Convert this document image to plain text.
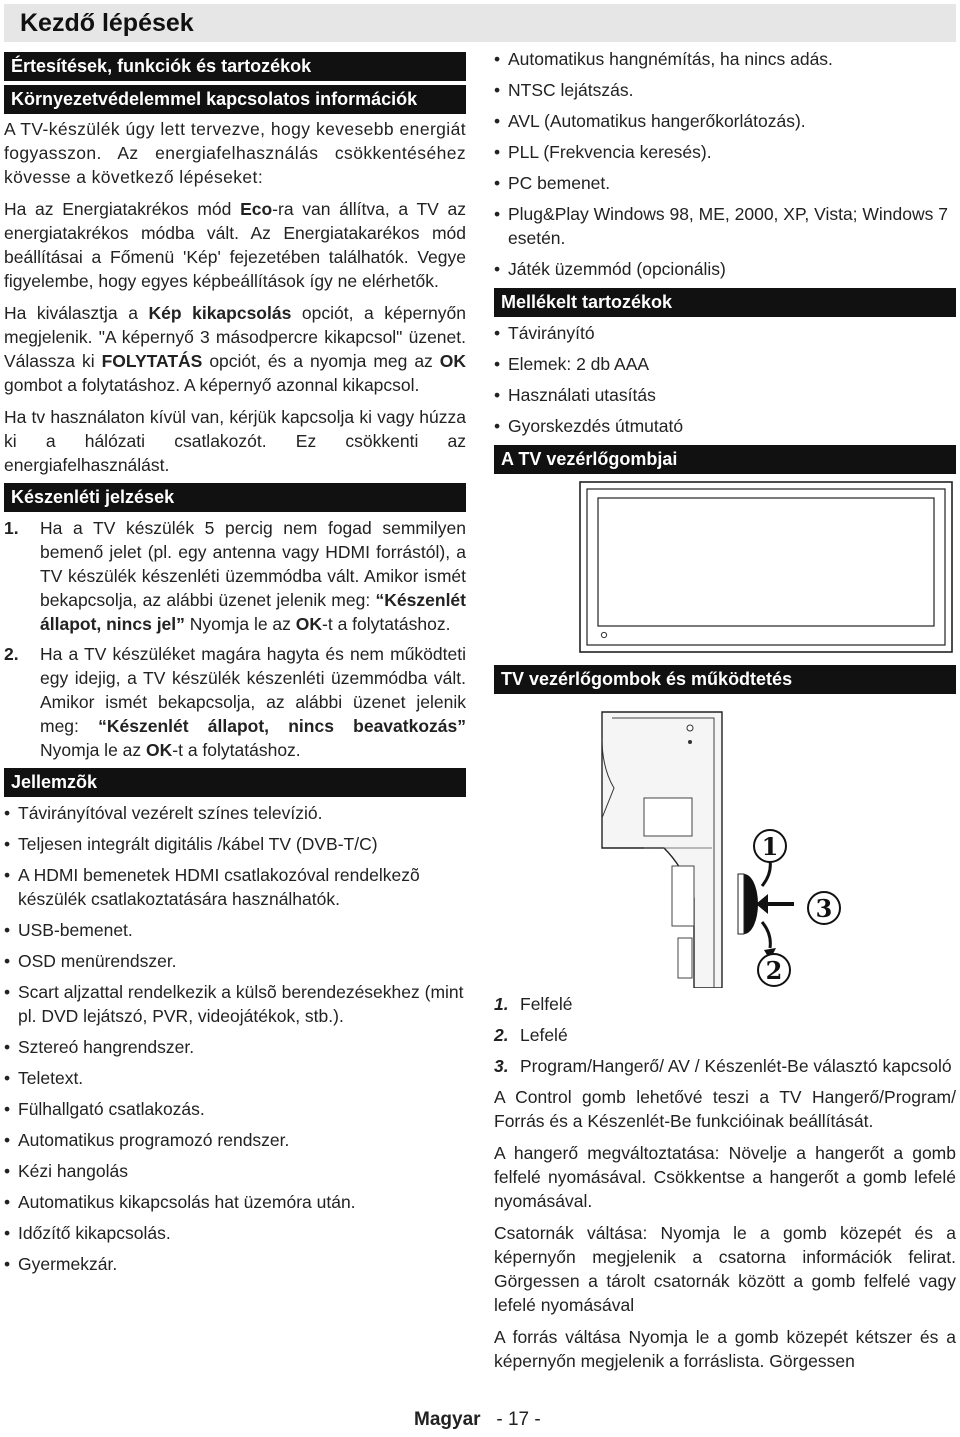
Kezdő lépések
Értesítések, funkciók és tartozékok
Környezetvédelemmel kapcsolatos információk

A TV-készülék úgy lett tervezve, hogy kevesebb energiát fogyasszon. Az energiafelhasználás csökkentéséhez kövesse a következő lépéseket:

Ha az Energiatakrékos mód Eco-ra van állítva, a TV az energiatakrékos módba vált. Az Energiatakarékos mód beállításai a Főmenü 'Kép' fejezetében találhatók. Vegye figyelembe, hogy egyes képbeállítások így ne elérhetők.

Ha kiválasztja a Kép kikapcsolás opciót, a képernyőn megjelenik. "A képernyő 3 másodpercre kikapcsol" üzenet. Válassza ki FOLYTATÁS opciót, és a nyomja meg az OK gombot a folytatáshoz. A képernyő azonnal kikapcsol.

Ha tv használaton kívül van, kérjük kapcsolja ki vagy húzza ki a hálózati csatlakozót. Ez csökkenti az energiafelhasználást.

Készenléti jelzések
1. Ha a TV készülék 5 percig nem fogad semmilyen bemenő jelet (pl. egy antenna vagy HDMI forrástól), a TV készülék készenléti üzemmódba vált. Amikor ismét bekapcsolja, az alábbi üzenet jelenik meg: “Készenlét állapot, nincs jel” Nyomja le az OK-t a folytatáshoz.
2. Ha a TV készüléket magára hagyta és nem működteti egy idejig, a TV készülék készenléti üzemmódba vált. Amikor ismét bekapcsolja, az alábbi üzenet jelenik meg: “Készenlét állapot, nincs beavatkozás” Nyomja le az OK-t a folytatáshoz.
Jellemzõk
• Távirányítóval vezérelt színes televízió.
• Teljesen integrált digitális /kábel TV (DVB-T/C)
• A HDMI bemenetek HDMI csatlakozóval rendelkezõ készülék csatlakoztatására használhatók.
• USB-bemenet.
• OSD menürendszer.
• Scart aljzattal rendelkezik a külsõ berendezésekhez (mint pl. DVD lejátszó, PVR, videojátékok, stb.).
• Sztereó hangrendszer.
• Teletext.
• Fülhallgató csatlakozás.
• Automatikus programozó rendszer.
• Kézi hangolás
• Automatikus kikapcsolás hat üzemóra után.
• Időzítő kikapcsolás.
• Gyermekzár.
• Automatikus hangnémítás, ha nincs adás.
• NTSC lejátszás.
• AVL (Automatikus hangerőkorlátozás).
• PLL (Frekvencia keresés).
• PC bemenet.
• Plug&Play Windows 98, ME, 2000, XP, Vista; Windows 7 esetén.
• Játék üzemmód (opcionális)
Mellékelt tartozékok
• Távirányító
• Elemek: 2 db AAA
• Használati utasítás
• Gyorskezdés útmutató
A TV vezérlőgombjai
TV vezérlőgombok és működtetés
1
3
2
1. Felfelé
2. Lefelé
3. Program/Hangerő/ AV / Készenlét-Be választó kapcsoló

A Control gomb lehetővé teszi a TV Hangerő/Program/ Forrás és a Készenlét-Be funkcióinak beállítását.

A hangerő megváltoztatása: Növelje a hangerőt a gomb felfelé nyomásával. Csökkentse a hangerőt a gomb lefelé nyomásával.

Csatornák váltása: Nyomja le a gomb közepét és a képernyőn megjelenik a csatorna információk felirat. Görgessen a tárolt csatornák között a gomb felfelé vagy lefelé nyomásával

A forrás váltása Nyomja le a gomb közepét kétszer és a képernyőn megjelenik a forráslista. Görgessen

Magyar - 17 -
